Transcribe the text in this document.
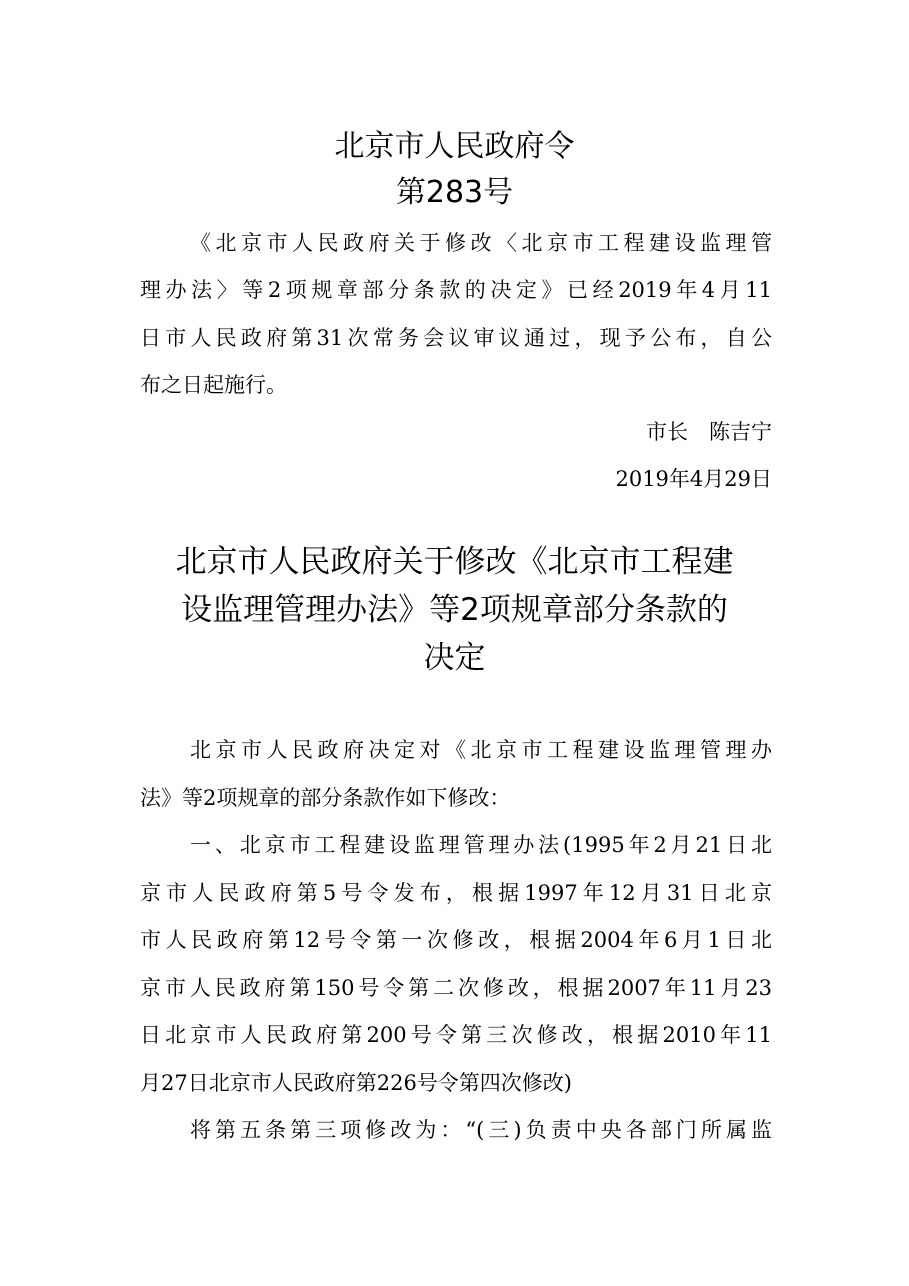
北京市人民政府令
第283号
《北京市人民政府关于修改〈北京市工程建设监理管
理办法〉等2项规章部分条款的决定》已经2019年4月11
日市人民政府第31次常务会议审议通过，现予公布，自公
布之日起施行。
市长　陈吉宁
2019年4月29日
北京市人民政府关于修改《北京市工程建
设监理管理办法》等2项规章部分条款的
决定
北京市人民政府决定对《北京市工程建设监理管理办
法》等2项规章的部分条款作如下修改：
一、北京市工程建设监理管理办法(1995年2月21日北
京市人民政府第5号令发布，根据1997年12月31日北京
市人民政府第12号令第一次修改，根据2004年6月1日北
京市人民政府第150号令第二次修改，根据2007年11月23
日北京市人民政府第200号令第三次修改，根据2010年11
月27日北京市人民政府第226号令第四次修改)
将第五条第三项修改为：“(三)负责中央各部门所属监
